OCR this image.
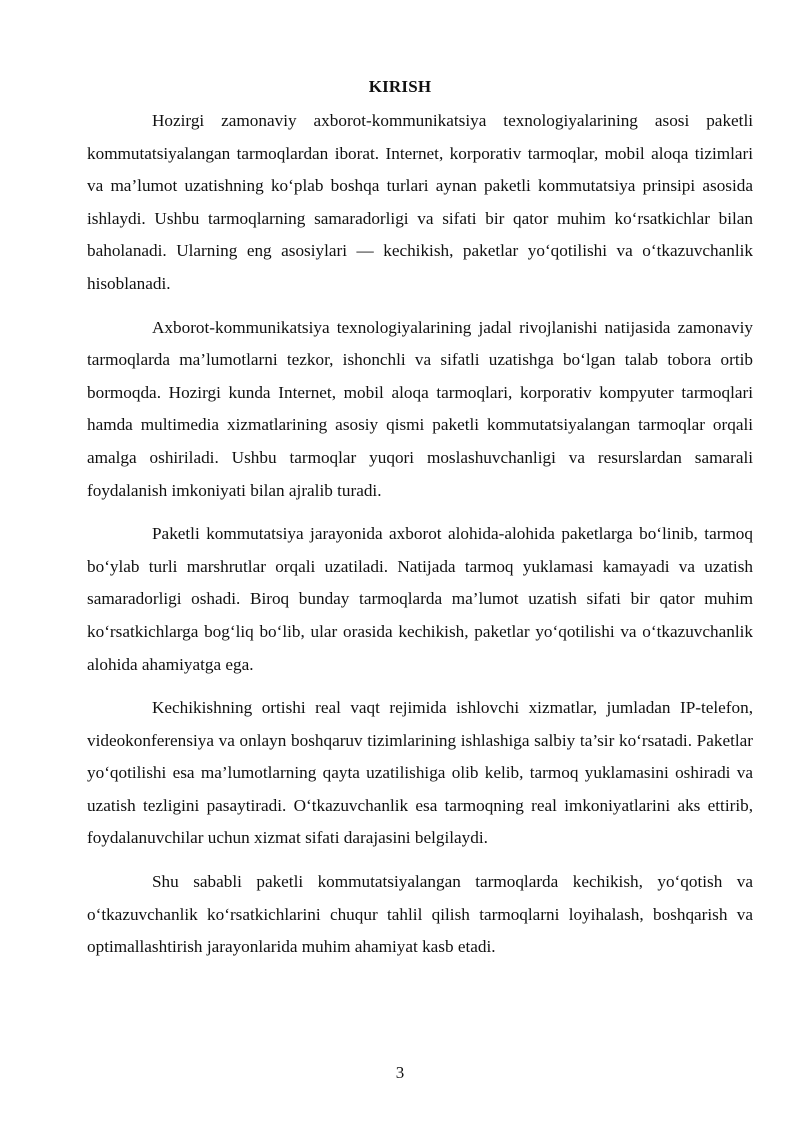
KIRISH

Hozirgi zamonaviy axborot-kommunikatsiya texnologiyalarining asosi paketli kommutatsiyalangan tarmoqlardan iborat. Internet, korporativ tarmoqlar, mobil aloqa tizimlari va ma’lumot uzatishning ko‘plab boshqa turlari aynan paketli kommutatsiya prinsipi asosida ishlaydi. Ushbu tarmoqlarning samaradorligi va sifati bir qator muhim ko‘rsatkichlar bilan baholanadi. Ularning eng asosiylari — kechikish, paketlar yo‘qotilishi va o‘tkazuvchanlik hisoblanadi.

Axborot-kommunikatsiya texnologiyalarining jadal rivojlanishi natijasida zamonaviy tarmoqlarda ma’lumotlarni tezkor, ishonchli va sifatli uzatishga bo‘lgan talab tobora ortib bormoqda. Hozirgi kunda Internet, mobil aloqa tarmoqlari, korporativ kompyuter tarmoqlari hamda multimedia xizmatlarining asosiy qismi paketli kommutatsiyalangan tarmoqlar orqali amalga oshiriladi. Ushbu tarmoqlar yuqori moslashuvchanligi va resurslardan samarali foydalanish imkoniyati bilan ajralib turadi.

Paketli kommutatsiya jarayonida axborot alohida-alohida paketlarga bo‘linib, tarmoq bo‘ylab turli marshrutlar orqali uzatiladi. Natijada tarmoq yuklamasi kamayadi va uzatish samaradorligi oshadi. Biroq bunday tarmoqlarda ma’lumot uzatish sifati bir qator muhim ko‘rsatkichlarga bog‘liq bo‘lib, ular orasida kechikish, paketlar yo‘qotilishi va o‘tkazuvchanlik alohida ahamiyatga ega.

Kechikishning ortishi real vaqt rejimida ishlovchi xizmatlar, jumladan IP-telefon, videokonferensiya va onlayn boshqaruv tizimlarining ishlashiga salbiy ta’sir ko‘rsatadi. Paketlar yo‘qotilishi esa ma’lumotlarning qayta uzatilishiga olib kelib, tarmoq yuklamasini oshiradi va uzatish tezligini pasaytiradi. O‘tkazuvchanlik esa tarmoqning real imkoniyatlarini aks ettirib, foydalanuvchilar uchun xizmat sifati darajasini belgilaydi.

Shu sababli paketli kommutatsiyalangan tarmoqlarda kechikish, yo‘qotish va o‘tkazuvchanlik ko‘rsatkichlarini chuqur tahlil qilish tarmoqlarni loyihalash, boshqarish va optimallashtirish jarayonlarida muhim ahamiyat kasb etadi.

3
